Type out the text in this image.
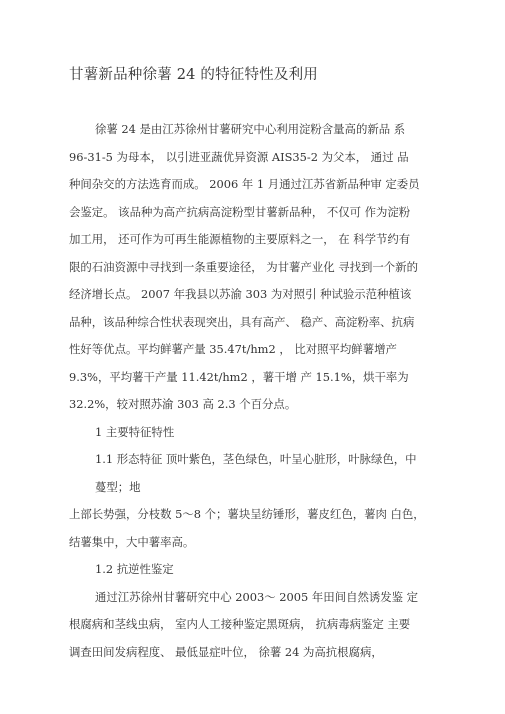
甘薯新品种徐薯 24 的特征特性及利用
徐薯 24 是由江苏徐州甘薯研究中心利用淀粉含量高的新品 系
96-31-5 为母本， 以引进亚蔬优异资源 AIS35-2 为父本， 通过 品
种间杂交的方法选育而成。 2006 年 1 月通过江苏省新品种审 定委员
会鉴定。 该品种为高产抗病高淀粉型甘薯新品种， 不仅可 作为淀粉
加工用， 还可作为可再生能源植物的主要原料之一， 在 科学节约有
限的石油资源中寻找到一条重要途径， 为甘薯产业化 寻找到一个新的
经济增长点。 2007 年我县以苏渝 303 为对照引 种试验示范种植该
品种，该品种综合性状表现突出，具有高产、 稳产、高淀粉率、抗病
性好等优点。平均鲜薯产量 35.47t/hm2 ， 比对照平均鲜薯增产
9.3%，平均薯干产量 11.42t/hm2 ，薯干增 产 15.1%，烘干率为
32.2%，较对照苏渝 303 高 2.3 个百分点。
1 主要特征特性
1.1 形态特征 顶叶紫色，茎色绿色，叶呈心脏形，叶脉绿色，中
蔓型；地
上部长势强，分枝数 5〜8 个；薯块呈纺锤形，薯皮红色，薯肉 白色，
结薯集中，大中薯率高。
1.2 抗逆性鉴定
通过江苏徐州甘薯研究中心 2003〜 2005 年田间自然诱发鉴 定
根腐病和茎线虫病， 室内人工接种鉴定黑斑病， 抗病毒病鉴定 主要
调查田间发病程度、 最低显症叶位， 徐薯 24 为高抗根腐病，
